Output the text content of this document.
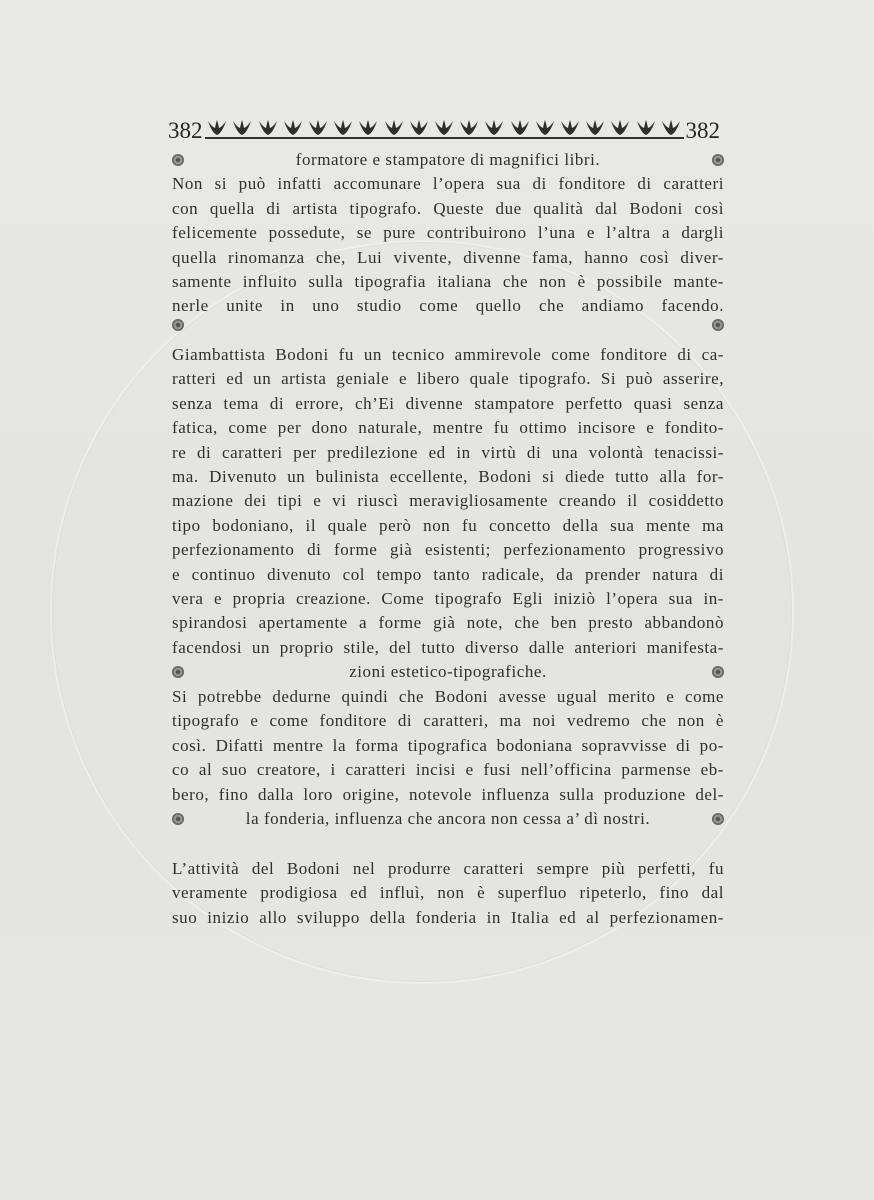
382	382
formatore e stampatore di magnifici libri.
Non si può infatti accomunare l’opera sua di fonditore di caratteri
con quella di artista tipografo. Queste due qualità dal Bodoni così
felicemente possedute, se pure contribuirono l’una e l’altra a dargli
quella rinomanza che, Lui vivente, divenne fama, hanno così diver-
samente influito sulla tipografia italiana che non è possibile mante-
nerle unite in uno studio come quello che andiamo facendo.
Giambattista Bodoni fu un tecnico ammirevole come fonditore di ca-
ratteri ed un artista geniale e libero quale tipografo. Si può asserire,
senza tema di errore, ch’Ei divenne stampatore perfetto quasi senza
fatica, come per dono naturale, mentre fu ottimo incisore e fondito-
re di caratteri per predilezione ed in virtù di una volontà tenacissi-
ma. Divenuto un bulinista eccellente, Bodoni si diede tutto alla for-
mazione dei tipi e vi riuscì meravigliosamente creando il cosiddetto
tipo bodoniano, il quale però non fu concetto della sua mente ma
perfezionamento di forme già esistenti; perfezionamento progressivo
e continuo divenuto col tempo tanto radicale, da prender natura di
vera e propria creazione. Come tipografo Egli iniziò l’opera sua in-
spirandosi apertamente a forme già note, che ben presto abbandonò
facendosi un proprio stile, del tutto diverso dalle anteriori manifesta-
zioni estetico-tipografiche.
Si potrebbe dedurne quindi che Bodoni avesse ugual merito e come
tipografo e come fonditore di caratteri, ma noi vedremo che non è
così. Difatti mentre la forma tipografica bodoniana sopravvisse di po-
co al suo creatore, i caratteri incisi e fusi nell’officina parmense eb-
bero, fino dalla loro origine, notevole influenza sulla produzione del-
la fonderia, influenza che ancora non cessa a’ dì nostri.
L’attività del Bodoni nel produrre caratteri sempre più perfetti, fu
veramente prodigiosa ed influì, non è superfluo ripeterlo, fino dal
suo inizio allo sviluppo della fonderia in Italia ed al perfezionamen-
